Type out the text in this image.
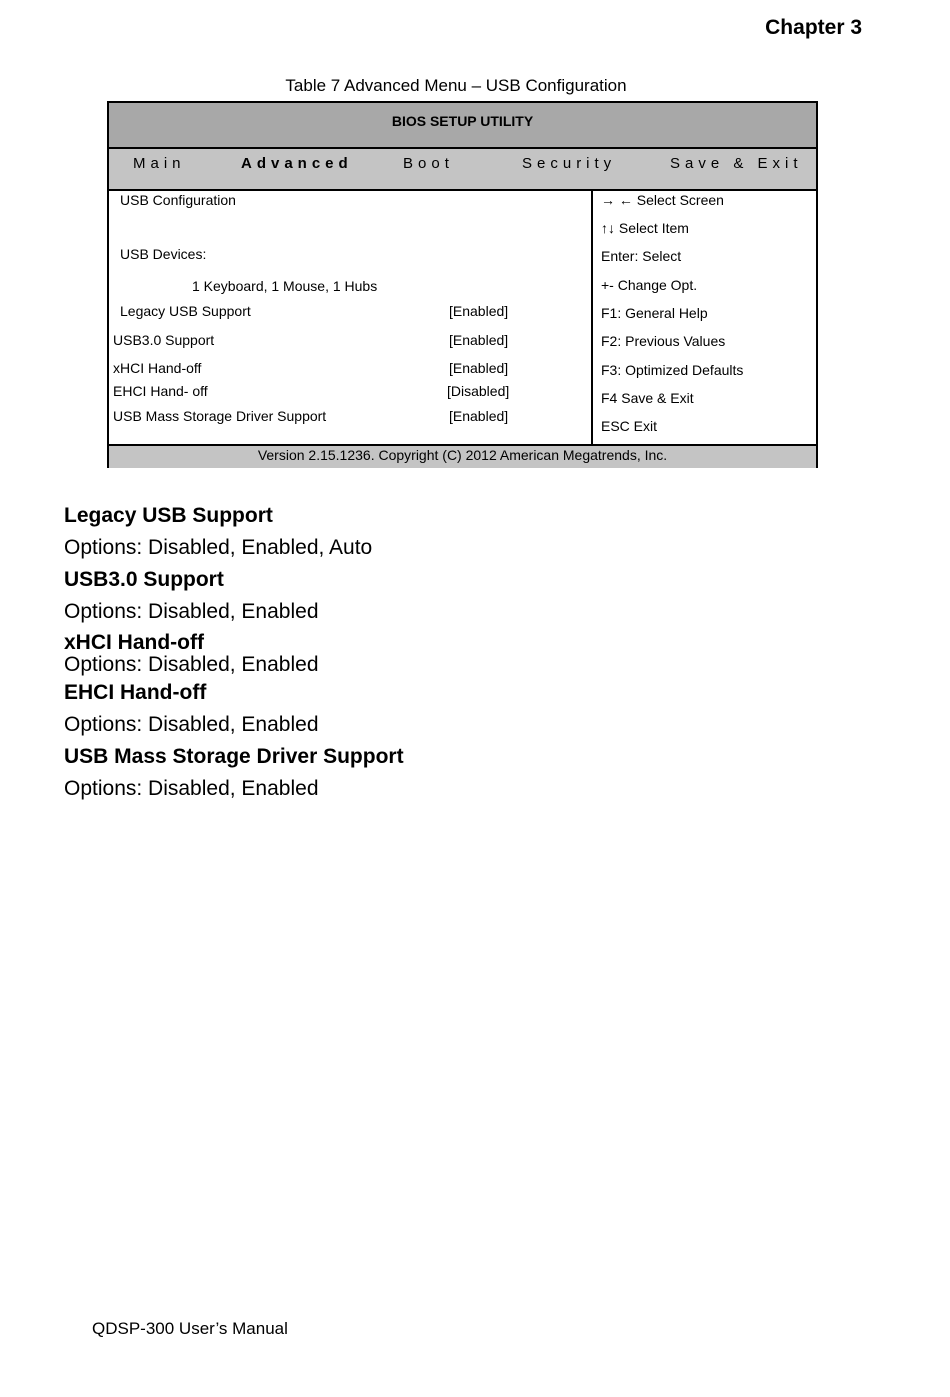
Chapter 3
Table 7 Advanced Menu – USB Configuration
BIOS SETUP UTILITY
Main	Advanced	Boot	Security	Save & Exit
USB Configuration
USB Devices:
1 Keyboard, 1 Mouse, 1 Hubs
Legacy USB Support	[Enabled]
USB3.0 Support	[Enabled]
xHCI Hand-off	[Enabled]
EHCI Hand- off	[Disabled]
USB Mass Storage Driver Support	[Enabled]
→ ← Select Screen
↑↓ Select Item
Enter: Select
+- Change Opt.
F1: General Help
F2: Previous Values
F3: Optimized Defaults
F4 Save & Exit
ESC Exit
Version 2.15.1236. Copyright (C) 2012 American Megatrends, Inc.
Legacy USB Support
Options: Disabled, Enabled, Auto
USB3.0 Support
Options: Disabled, Enabled
xHCI Hand-off
Options: Disabled, Enabled
EHCI Hand-off
Options: Disabled, Enabled
USB Mass Storage Driver Support
Options: Disabled, Enabled
QDSP-300 User’s Manual
